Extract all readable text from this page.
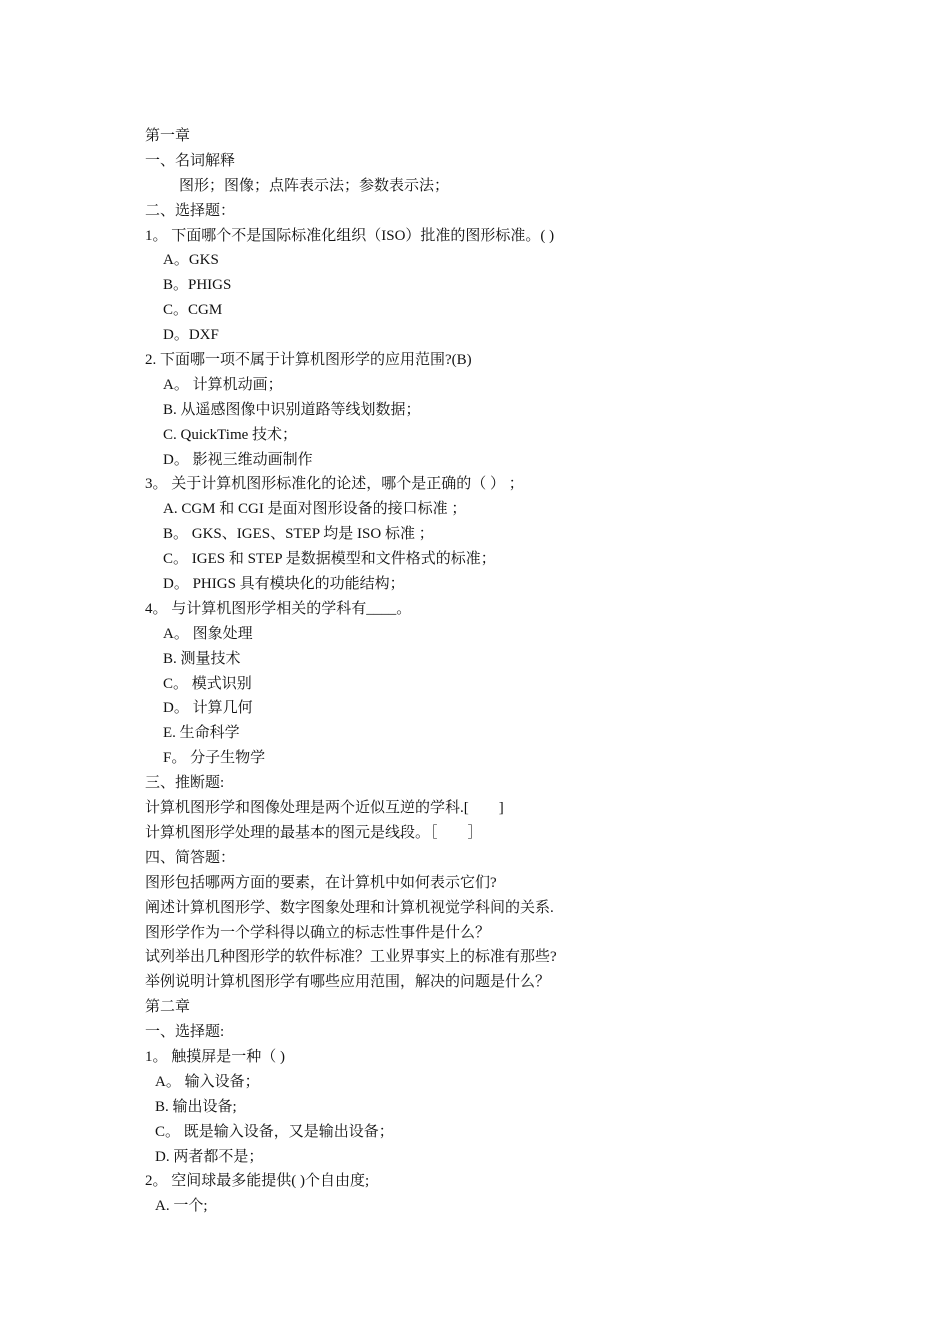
第一章
一、名词解释
图形；图像；点阵表示法；参数表示法；
二、选择题：
1。 下面哪个不是国际标准化组织（ISO）批准的图形标准。( )
A。GKS
B。PHIGS
C。CGM
D。DXF
2. 下面哪一项不属于计算机图形学的应用范围?(B)
A。 计算机动画；
B. 从遥感图像中识别道路等线划数据；
C. QuickTime 技术；
D。 影视三维动画制作
3。 关于计算机图形标准化的论述，哪个是正确的（ ） ；
A. CGM 和 CGI 是面对图形设备的接口标准 ；
B。 GKS、IGES、STEP 均是 ISO 标准 ；
C。 IGES 和 STEP 是数据模型和文件格式的标准；
D。 PHIGS 具有模块化的功能结构；
4。 与计算机图形学相关的学科有____。
A。 图象处理
B. 测量技术
C。 模式识别
D。 计算几何
E. 生命科学
F。 分子生物学
三、推断题:
计算机图形学和图像处理是两个近似互逆的学科.[　　]
计算机图形学处理的最基本的图元是线段。［　　］
四、简答题：
图形包括哪两方面的要素，在计算机中如何表示它们?
阐述计算机图形学、数字图象处理和计算机视觉学科间的关系.
图形学作为一个学科得以确立的标志性事件是什么？
试列举出几种图形学的软件标准？工业界事实上的标准有那些?
举例说明计算机图形学有哪些应用范围，解决的问题是什么？
第二章
一、选择题:
1。 触摸屏是一种（ )
A。 输入设备；
B. 输出设备;
C。 既是输入设备，又是输出设备；
D. 两者都不是；
2。 空间球最多能提供( )个自由度;
A. 一个;
